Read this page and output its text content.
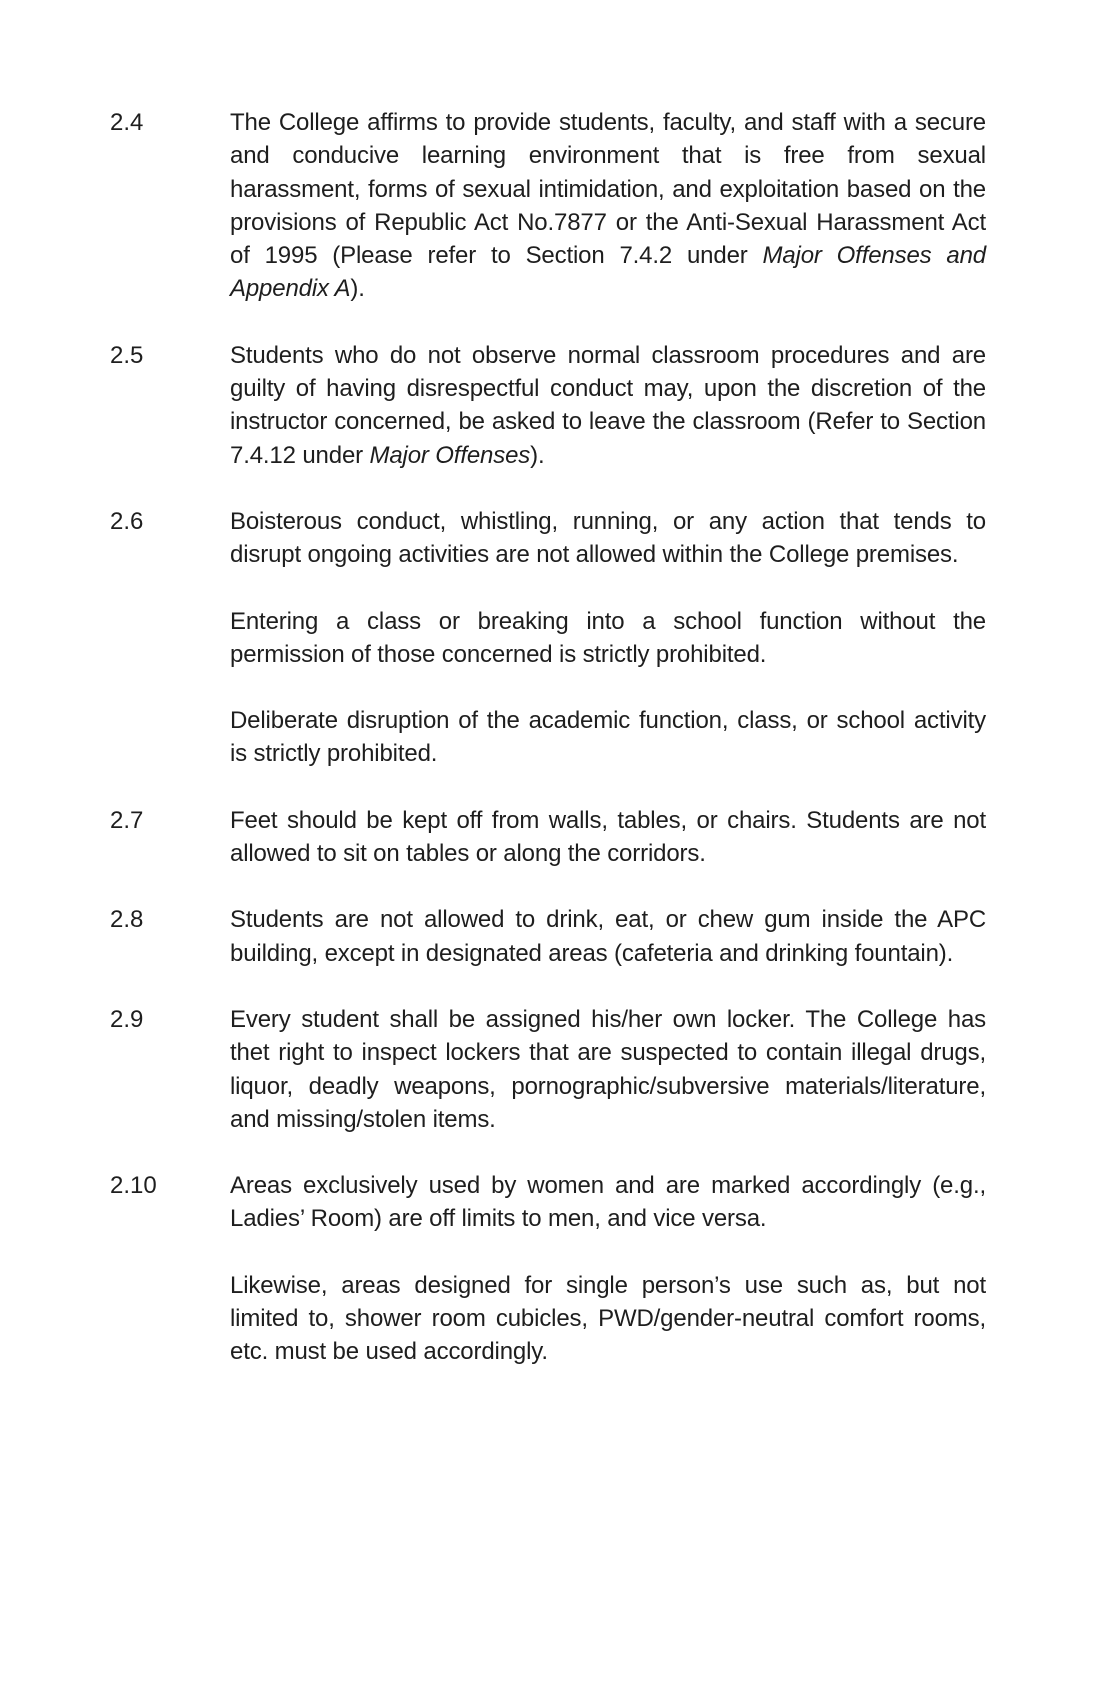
2.4	The College affirms to provide students, faculty, and staff with a secure and conducive learning environment that is free from sexual harassment, forms of sexual intimidation, and exploitation based on the provisions of Republic Act No.7877 or the Anti-Sexual Harassment Act of 1995 (Please refer to Section 7.4.2 under Major Offenses and Appendix A).

2.5	Students who do not observe normal classroom procedures and are guilty of having disrespectful conduct may, upon the discretion of the instructor concerned, be asked to leave the classroom (Refer to Section 7.4.12 under Major Offenses).

2.6	Boisterous conduct, whistling, running, or any action that tends to disrupt ongoing activities are not allowed within the College premises.

Entering a class or breaking into a school function without the permission of those concerned is strictly prohibited.

Deliberate disruption of the academic function, class, or school activity is strictly prohibited.

2.7	Feet should be kept off from walls, tables, or chairs. Students are not allowed to sit on tables or along the corridors.

2.8	Students are not allowed to drink, eat, or chew gum inside the APC building, except in designated areas (cafeteria and drinking fountain).

2.9	Every student shall be assigned his/her own locker. The College has thet right to inspect lockers that are suspected to contain illegal drugs, liquor, deadly weapons, pornographic/subversive materials/literature, and missing/stolen items.

2.10	Areas exclusively used by women and are marked accordingly (e.g., Ladies’ Room) are off limits to men, and vice versa.

Likewise, areas designed for single person’s use such as, but not limited to, shower room cubicles, PWD/gender-neutral comfort rooms, etc. must be used accordingly.
